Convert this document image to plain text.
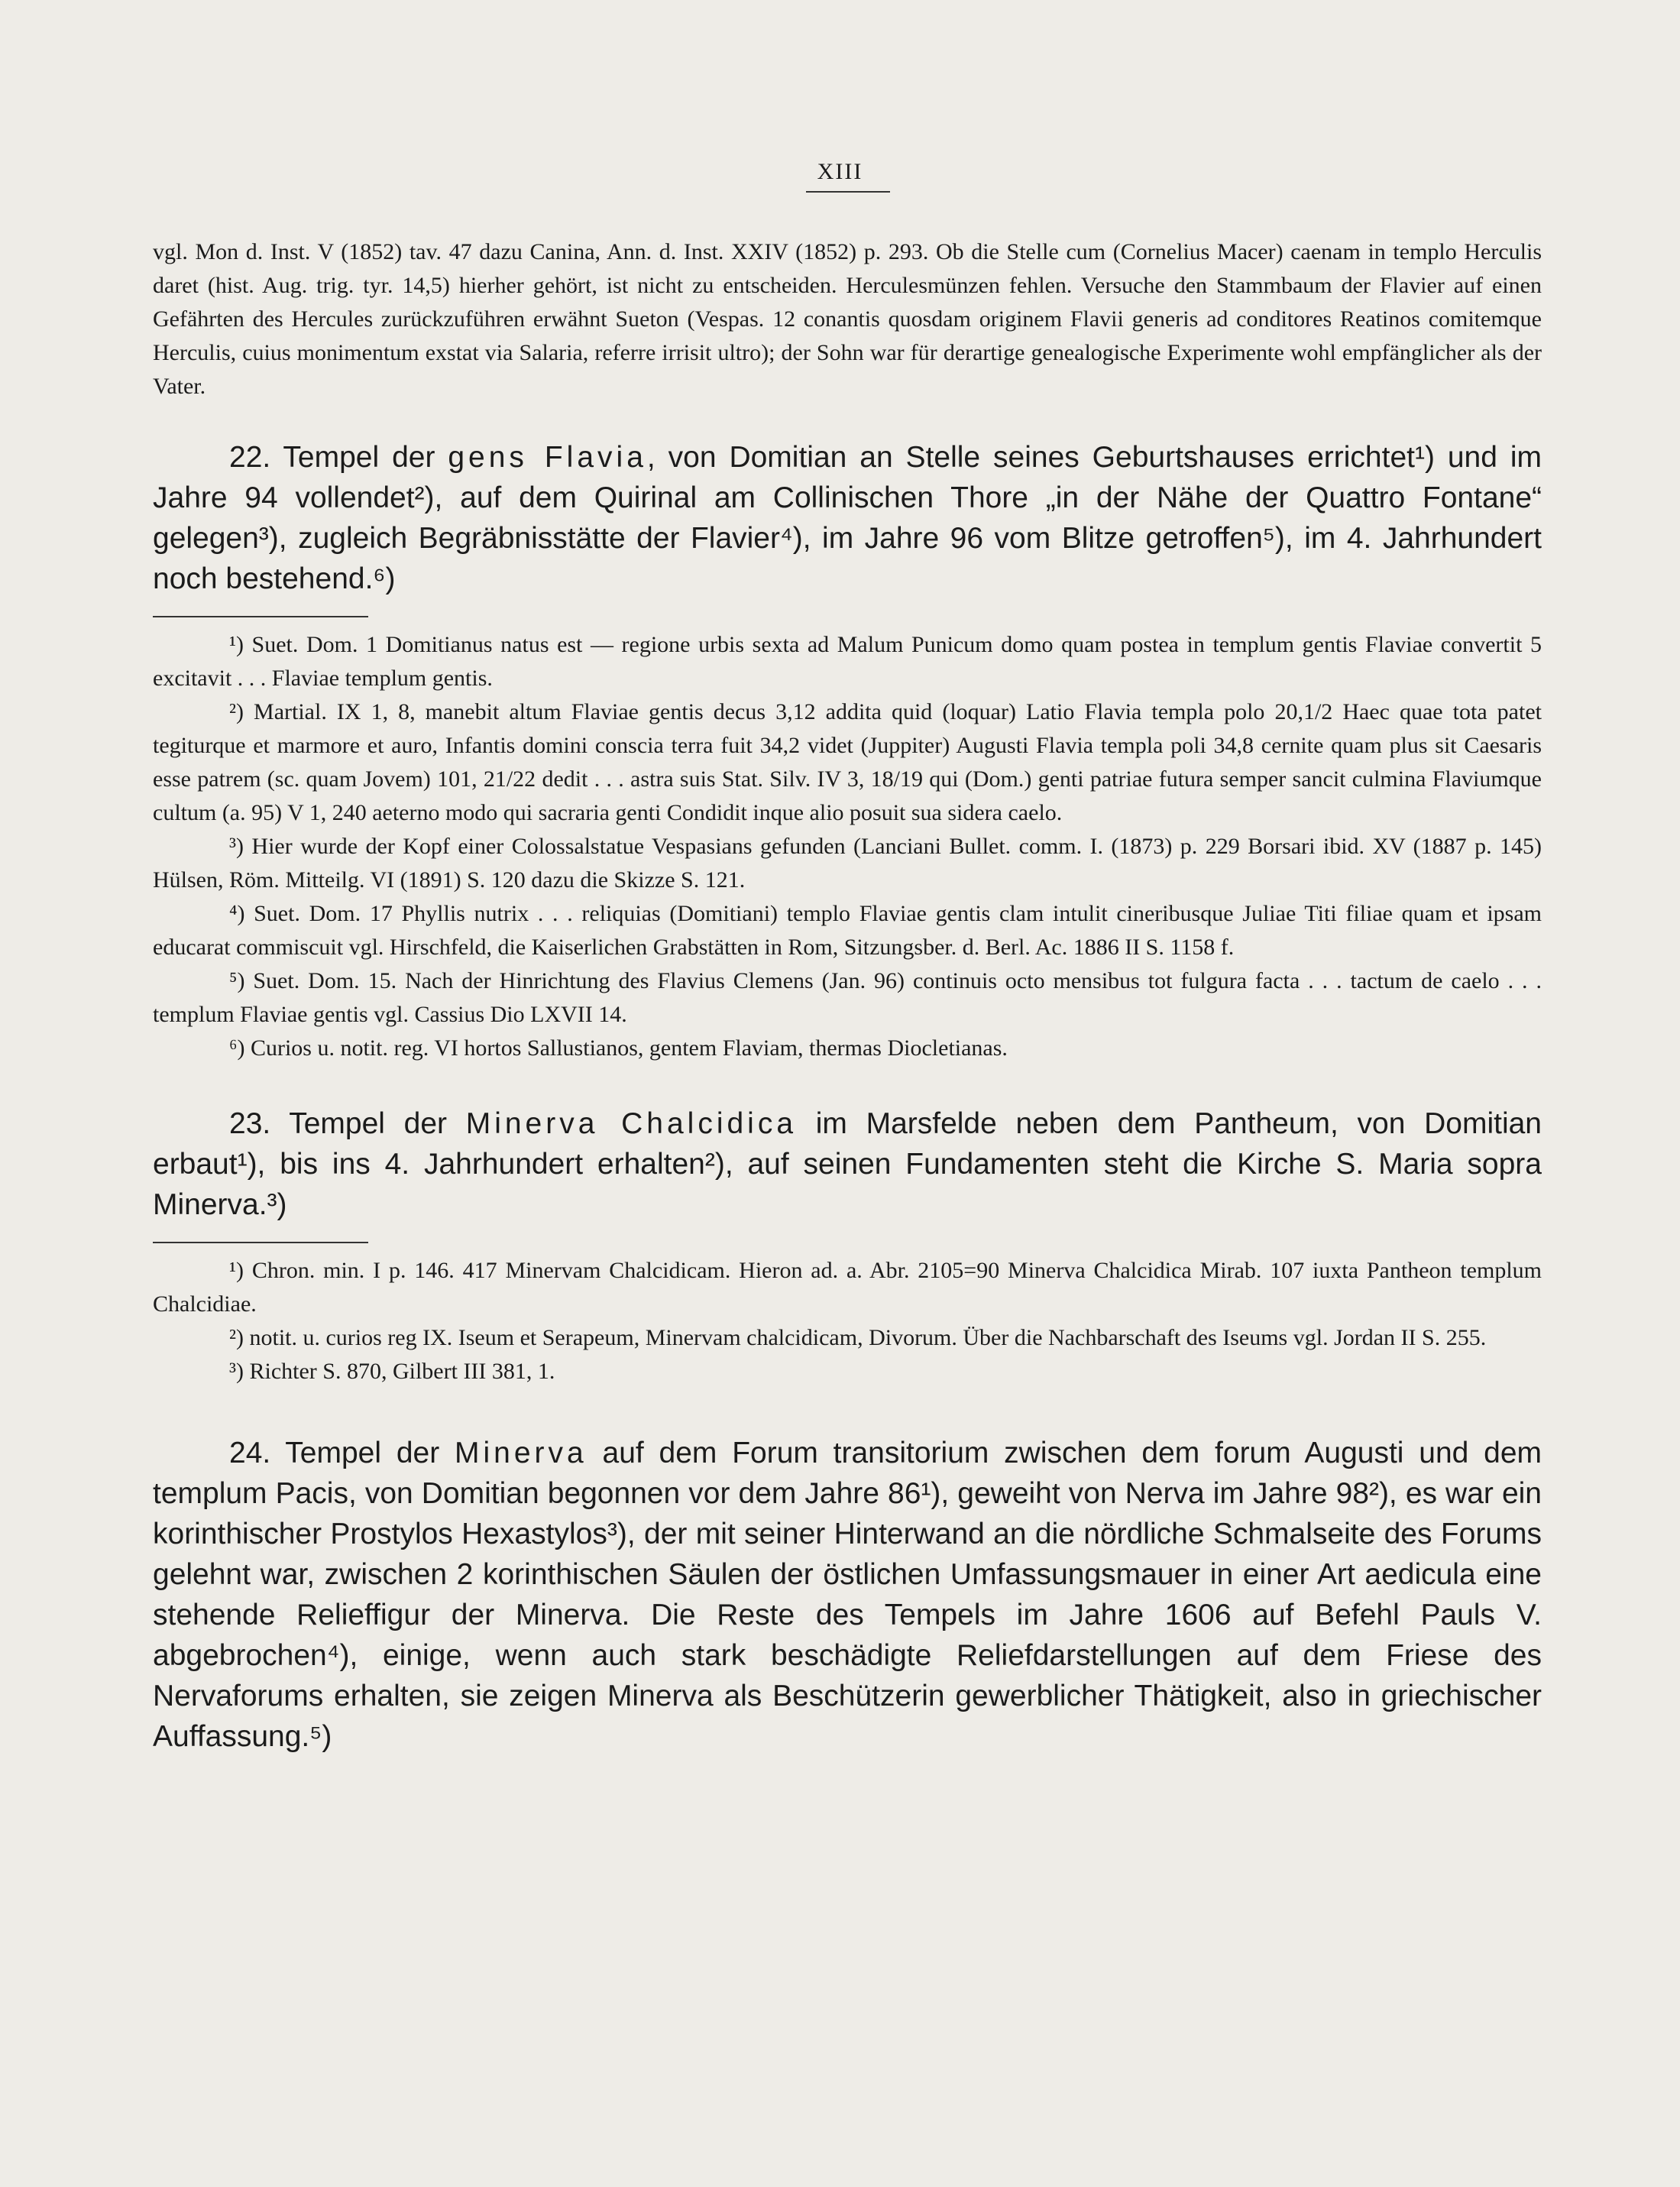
XIII

vgl. Mon d. Inst. V (1852) tav. 47 dazu Canina, Ann. d. Inst. XXIV (1852) p. 293. Ob die Stelle cum (Cornelius Macer) caenam in templo Herculis daret (hist. Aug. trig. tyr. 14,5) hierher gehört, ist nicht zu entscheiden. Herculesmünzen fehlen. Versuche den Stammbaum der Flavier auf einen Gefährten des Hercules zurückzuführen erwähnt Sueton (Vespas. 12 conantis quosdam originem Flavii generis ad conditores Reatinos comitemque Herculis, cuius monimentum exstat via Salaria, referre irrisit ultro); der Sohn war für derartige genealogische Experimente wohl empfänglicher als der Vater.

22. Tempel der gens Flavia, von Domitian an Stelle seines Geburtshauses errichtet¹) und im Jahre 94 vollendet²), auf dem Quirinal am Collinischen Thore „in der Nähe der Quattro Fontane“ gelegen³), zugleich Begräbnisstätte der Flavier⁴), im Jahre 96 vom Blitze getroffen⁵), im 4. Jahrhundert noch bestehend.⁶)

¹) Suet. Dom. 1 Domitianus natus est — regione urbis sexta ad Malum Punicum domo quam postea in templum gentis Flaviae convertit 5 excitavit . . . Flaviae templum gentis.

²) Martial. IX 1, 8, manebit altum Flaviae gentis decus 3,12 addita quid (loquar) Latio Flavia templa polo 20,1/2 Haec quae tota patet tegiturque et marmore et auro, Infantis domini conscia terra fuit 34,2 videt (Juppiter) Augusti Flavia templa poli 34,8 cernite quam plus sit Caesaris esse patrem (sc. quam Jovem) 101, 21/22 dedit . . . astra suis Stat. Silv. IV 3, 18/19 qui (Dom.) genti patriae futura semper sancit culmina Flaviumque cultum (a. 95) V 1, 240 aeterno modo qui sacraria genti Condidit inque alio posuit sua sidera caelo.

³) Hier wurde der Kopf einer Colossalstatue Vespasians gefunden (Lanciani Bullet. comm. I. (1873) p. 229 Borsari ibid. XV (1887 p. 145) Hülsen, Röm. Mitteilg. VI (1891) S. 120 dazu die Skizze S. 121.

⁴) Suet. Dom. 17 Phyllis nutrix . . . reliquias (Domitiani) templo Flaviae gentis clam intulit cineribusque Juliae Titi filiae quam et ipsam educarat commiscuit vgl. Hirschfeld, die Kaiserlichen Grabstätten in Rom, Sitzungsber. d. Berl. Ac. 1886 II S. 1158 f.

⁵) Suet. Dom. 15. Nach der Hinrichtung des Flavius Clemens (Jan. 96) continuis octo mensibus tot fulgura facta . . . tactum de caelo . . . templum Flaviae gentis vgl. Cassius Dio LXVII 14.

⁶) Curios u. notit. reg. VI hortos Sallustianos, gentem Flaviam, thermas Diocletianas.

23. Tempel der Minerva Chalcidica im Marsfelde neben dem Pantheum, von Domitian erbaut¹), bis ins 4. Jahrhundert erhalten²), auf seinen Fundamenten steht die Kirche S. Maria sopra Minerva.³)

¹) Chron. min. I p. 146. 417 Minervam Chalcidicam. Hieron ad. a. Abr. 2105=90 Minerva Chalcidica Mirab. 107 iuxta Pantheon templum Chalcidiae.

²) notit. u. curios reg IX. Iseum et Serapeum, Minervam chalcidicam, Divorum. Über die Nachbarschaft des Iseums vgl. Jordan II S. 255.

³) Richter S. 870, Gilbert III 381, 1.

24. Tempel der Minerva auf dem Forum transitorium zwischen dem forum Augusti und dem templum Pacis, von Domitian begonnen vor dem Jahre 86¹), geweiht von Nerva im Jahre 98²), es war ein korinthischer Prostylos Hexastylos³), der mit seiner Hinterwand an die nördliche Schmalseite des Forums gelehnt war, zwischen 2 korinthischen Säulen der östlichen Umfassungsmauer in einer Art aedicula eine stehende Relieffigur der Minerva. Die Reste des Tempels im Jahre 1606 auf Befehl Pauls V. abgebrochen⁴), einige, wenn auch stark beschädigte Reliefdarstellungen auf dem Friese des Nervaforums erhalten, sie zeigen Minerva als Beschützerin gewerblicher Thätigkeit, also in griechischer Auffassung.⁵)
